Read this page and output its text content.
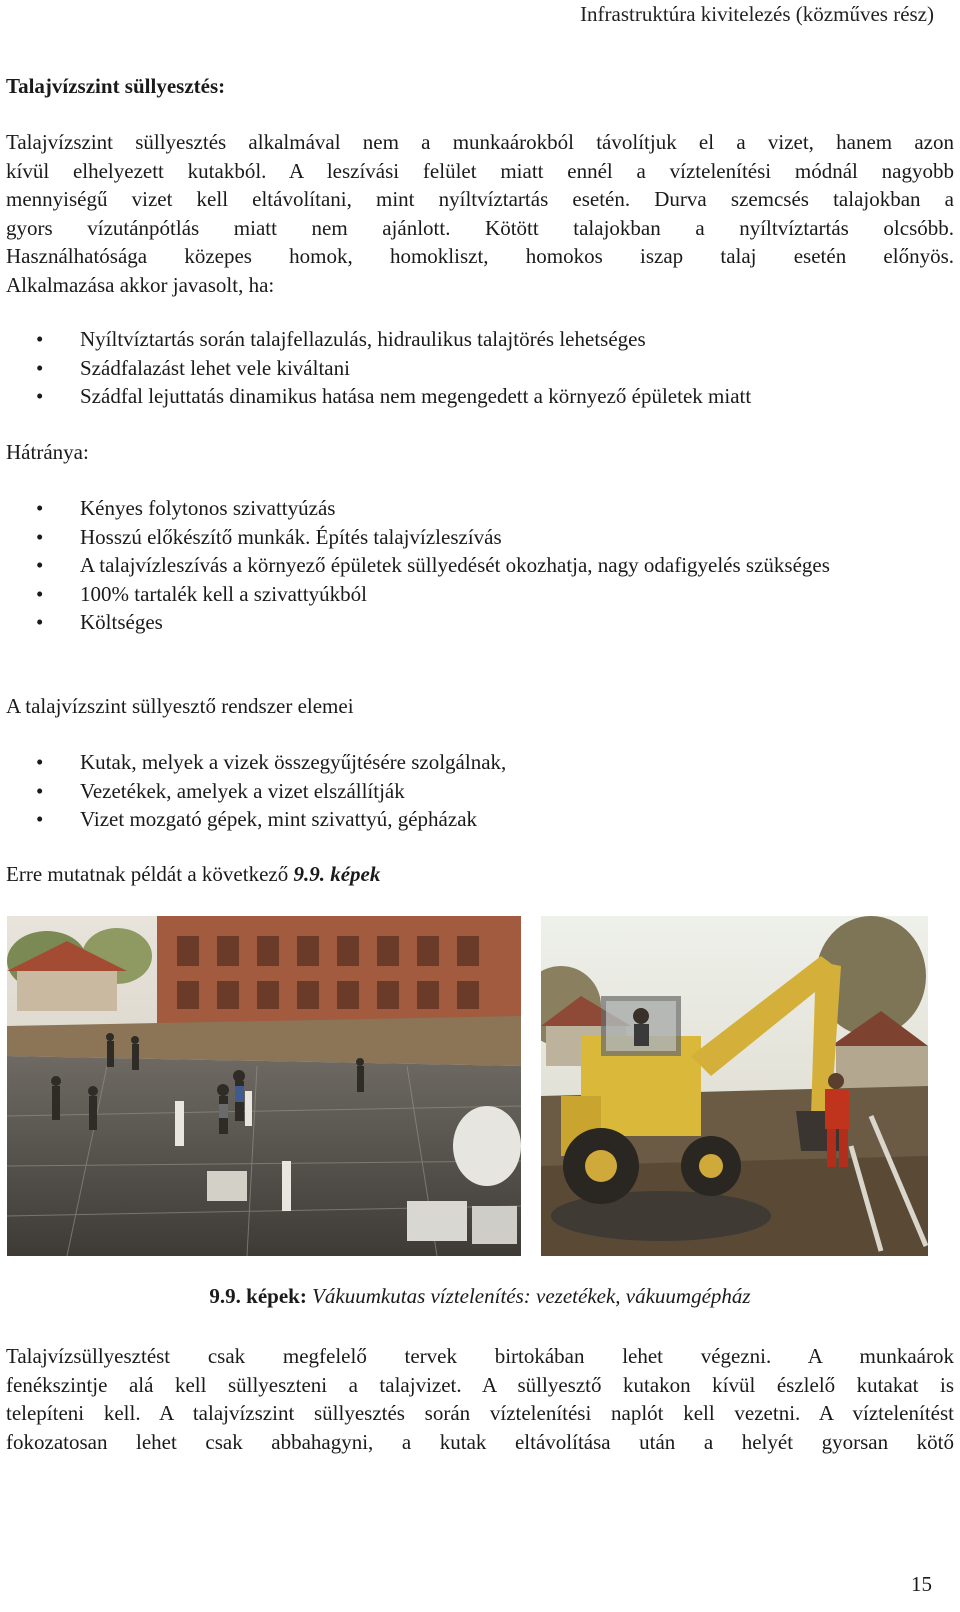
Infrastruktúra kivitelezés (közműves rész)
Talajvízszint süllyesztés:

Talajvízszint süllyesztés alkalmával nem a munkaárokból távolítjuk el a vizet, hanem azon
kívül elhelyezett kutakból. A leszívási felület miatt ennél a víztelenítési módnál nagyobb
mennyiségű vizet kell eltávolítani, mint nyíltvíztartás esetén. Durva szemcsés talajokban a
gyors vízutánpótlás miatt nem ajánlott. Kötött talajokban a nyíltvíztartás olcsóbb.
Használhatósága közepes homok, homokliszt, homokos iszap talaj esetén előnyös.
Alkalmazása akkor javasolt, ha:

• Nyíltvíztartás során talajfellazulás, hidraulikus talajtörés lehetséges
• Szádfalazást lehet vele kiváltani
• Szádfal lejuttatás dinamikus hatása nem megengedett a környező épületek miatt
Hátránya:
• Kényes folytonos szivattyúzás
• Hosszú előkészítő munkák. Építés talajvízleszívás
• A talajvízleszívás a környező épületek süllyedését okozhatja, nagy odafigyelés szükséges
• 100% tartalék kell a szivattyúkból
• Költséges
A talajvízszint süllyesztő rendszer elemei
• Kutak, melyek a vizek összegyűjtésére szolgálnak,
• Vezetékek, amelyek a vizet elszállítják
• Vizet mozgató gépek, mint szivattyú, gépházak
Erre mutatnak példát a következő 9.9. képek
9.9. képek: Vákuumkutas víztelenítés: vezetékek, vákuumgépház

Talajvízsüllyesztést csak megfelelő tervek birtokában lehet végezni. A munkaárok
fenékszintje alá kell süllyeszteni a talajvizet. A süllyesztő kutakon kívül észlelő kutakat is
telepíteni kell. A talajvízszint süllyesztés során víztelenítési naplót kell vezetni. A víztelenítést
fokozatosan lehet csak abbahagyni, a kutak eltávolítása után a helyét gyorsan kötő

15
